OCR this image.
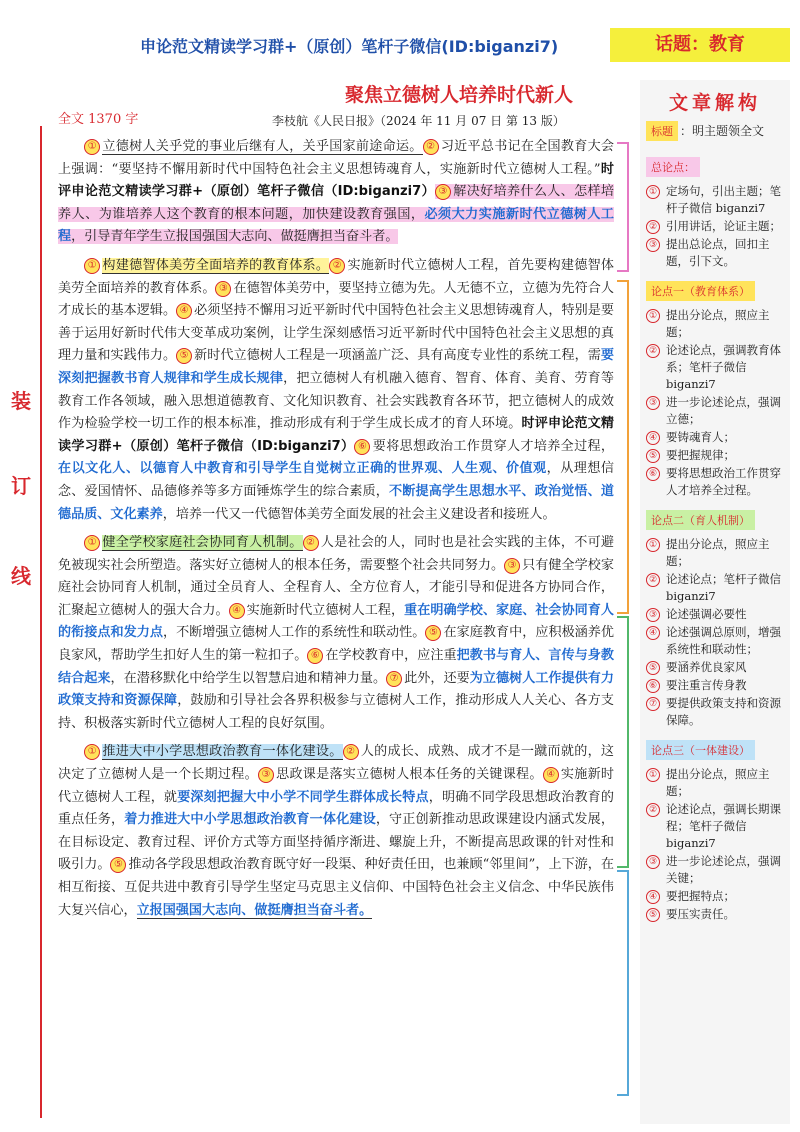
申论范文精读学习群+（原创）笔杆子微信(ID:biganzi7)	话题：教育
聚焦立德树人培养时代新人
全文 1370 字	李枝航《人民日报》（2024 年 11 月 07 日 第 13 版）
装
订
线

① 立德树人关乎党的事业后继有人，关乎国家前途命运。 ② 习近平总书记在全国教育大会上强调：“要坚持不懈用新时代中国特色社会主义思想铸魂育人，实施新时代立德树人工程。”时评申论范文精读学习群+（原创）笔杆子微信（ID:biganzi7） ③ 解决好培养什么人、怎样培养人、为谁培养人这个教育的根本问题，加快建设教育强国，必须大力实施新时代立德树人工程，引导青年学生立报国强国大志向、做挺膺担当奋斗者。

① 构建德智体美劳全面培养的教育体系。 ② 实施新时代立德树人工程，首先要构建德智体美劳全面培养的教育体系。 ③ 在德智体美劳中，要坚持立德为先。人无德不立，立德为先符合人才成长的基本逻辑。 ④ 必须坚持不懈用习近平新时代中国特色社会主义思想铸魂育人，特别是要善于运用好新时代伟大变革成功案例，让学生深刻感悟习近平新时代中国特色社会主义思想的真理力量和实践伟力。 ⑤ 新时代立德树人工程是一项涵盖广泛、具有高度专业性的系统工程，需要深刻把握教书育人规律和学生成长规律，把立德树人有机融入德育、智育、体育、美育、劳育等教育工作各领域，融入思想道德教育、文化知识教育、社会实践教育各环节，把立德树人的成效作为检验学校一切工作的根本标准，推动形成有利于学生成长成才的育人环境。时评申论范文精读学习群+（原创）笔杆子微信（ID:biganzi7） ⑥ 要将思想政治工作贯穿人才培养全过程，在以文化人、以德育人中教育和引导学生自觉树立正确的世界观、人生观、价值观，从理想信念、爱国情怀、品德修养等多方面锤炼学生的综合素质，不断提高学生思想水平、政治觉悟、道德品质、文化素养，培养一代又一代德智体美劳全面发展的社会主义建设者和接班人。

① 健全学校家庭社会协同育人机制。 ② 人是社会的人，同时也是社会实践的主体，不可避免被现实社会所塑造。落实好立德树人的根本任务，需要整个社会共同努力。 ③ 只有健全学校家庭社会协同育人机制，通过全员育人、全程育人、全方位育人，才能引导和促进各方协同合作，汇聚起立德树人的强大合力。 ④ 实施新时代立德树人工程，重在明确学校、家庭、社会协同育人的衔接点和发力点，不断增强立德树人工作的系统性和联动性。 ⑤ 在家庭教育中，应积极涵养优良家风，帮助学生扣好人生的第一粒扣子。 ⑥ 在学校教育中，应注重把教书与育人、言传与身教结合起来，在潜移默化中给学生以智慧启迪和精神力量。 ⑦ 此外，还要为立德树人工作提供有力政策支持和资源保障，鼓励和引导社会各界积极参与立德树人工作，推动形成人人关心、各方支持、积极落实新时代立德树人工程的良好氛围。

① 推进大中小学思想政治教育一体化建设。 ② 人的成长、成熟、成才不是一蹴而就的，这决定了立德树人是一个长期过程。 ③ 思政课是落实立德树人根本任务的关键课程。 ④ 实施新时代立德树人工程，就要深刻把握大中小学不同学生群体成长特点，明确不同学段思想政治教育的重点任务，着力推进大中小学思想政治教育一体化建设，守正创新推动思政课建设内涵式发展，在目标设定、教育过程、评价方式等方面坚持循序渐进、螺旋上升，不断提高思政课的针对性和吸引力。 ⑤ 推动各学段思想政治教育既守好一段渠、种好责任田，也兼顾“邻里间”，上下游，在相互衔接、互促共进中教育引导学生坚定马克思主义信仰、中国特色社会主义信念、中华民族伟大复兴信心，立报国强国大志向、做挺膺担当奋斗者。

文章解构
标题 ：明主题领全文
总论点：
① 定场句，引出主题；笔杆子微信 biganzi7
② 引用讲话，论证主题；
③ 提出总论点，回扣主题，引下文。
论点一（教育体系）
① 提出分论点，照应主题；
② 论述论点，强调教育体系；笔杆子微信 biganzi7
③ 进一步论述论点，强调立德；
④ 要铸魂育人；
⑤ 要把握规律；
⑥ 要将思想政治工作贯穿人才培养全过程。
论点二（育人机制）
① 提出分论点，照应主题；
② 论述论点；笔杆子微信 biganzi7
③ 论述强调必要性
④ 论述强调总原则，增强系统性和联动性；
⑤ 要涵养优良家风
⑥ 要注重言传身教
⑦ 要提供政策支持和资源保障。
论点三（一体建设）
① 提出分论点，照应主题；
② 论述论点，强调长期课程；笔杆子微信 biganzi7
③ 进一步论述论点，强调关键；
④ 要把握特点；
⑤ 要压实责任。
